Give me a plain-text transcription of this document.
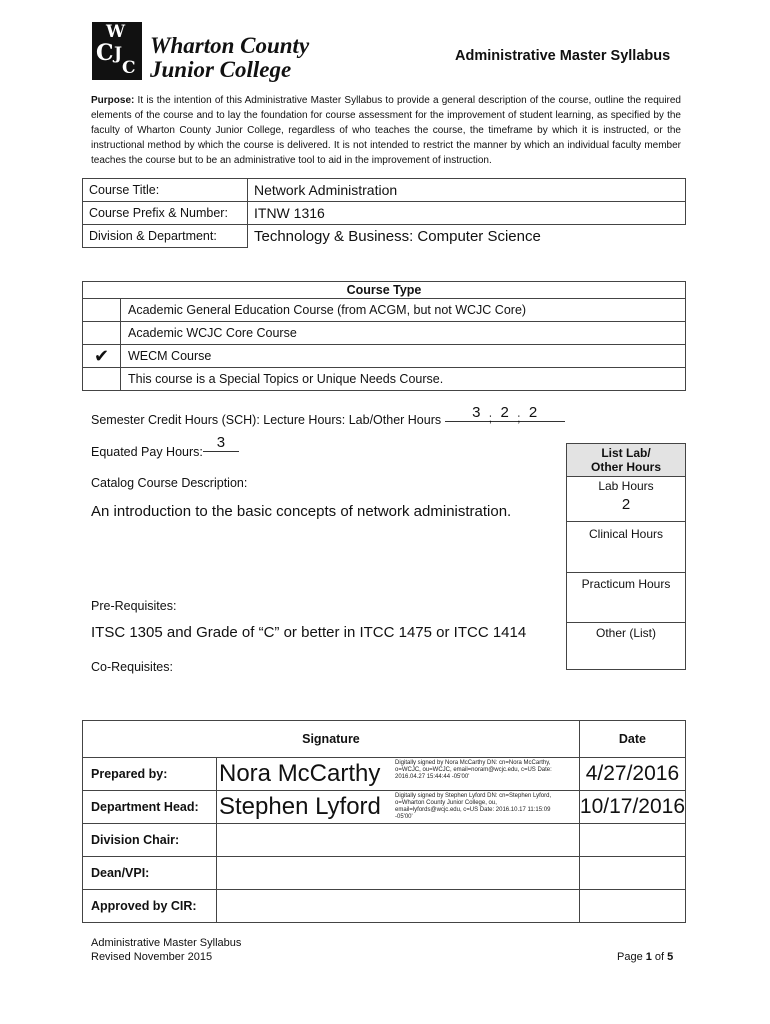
W
C J
C
Wharton County
Junior College
Administrative Master Syllabus
Purpose: It is the intention of this Administrative Master Syllabus to provide a general description of the course, outline the required elements of the course and to lay the foundation for course assessment for the improvement of student learning, as specified by the faculty of Wharton County Junior College, regardless of who teaches the course, the timeframe by which it is instructed, or the instructional method by which the course is delivered. It is not intended to restrict the manner by which an individual faculty member teaches the course but to be an administrative tool to aid in the improvement of instruction.
Course Title:	Network Administration
Course Prefix & Number:	ITNW 1316
Division & Department:	Technology & Business: Computer Science
Course Type	
	Academic General Education Course (from ACGM, but not WCJC Core)
	Academic WCJC Core Course
✔	WECM Course
	This course is a Special Topics or Unique Needs Course.
Semester Credit Hours (SCH): Lecture Hours: Lab/Other Hours 3 $_;$ 2 $_;$ 2
Equated Pay Hours:3
Catalog Course Description:
An introduction to the basic concepts of network administration.
Pre-Requisites:
ITSC 1305 and Grade of “C” or better in ITCC 1475 or ITCC 1414
Co-Requisites:
List Lab/
Other Hours

Lab Hours
2

Clinical Hours
Practicum Hours
Other (List)
Signature		Date
Prepared by:	Nora McCarthy Digitally signed by Nora McCarthy DN: cn=Nora McCarthy, o=WCJC, ou=WCJC, email=noram@wcjc.edu, c=US Date: 2016.04.27 15:44:44 -05'00'	4/27/2016
Department Head:	Stephen Lyford Digitally signed by Stephen Lyford DN: cn=Stephen Lyford, o=Wharton County Junior College, ou, email=lyfords@wcjc.edu, c=US Date: 2016.10.17 11:15:09 -05'00'	10/17/2016
Division Chair:		
Dean/VPI:		
Approved by CIR:		
Administrative Master Syllabus
Revised November 2015	Page 1 of 5
